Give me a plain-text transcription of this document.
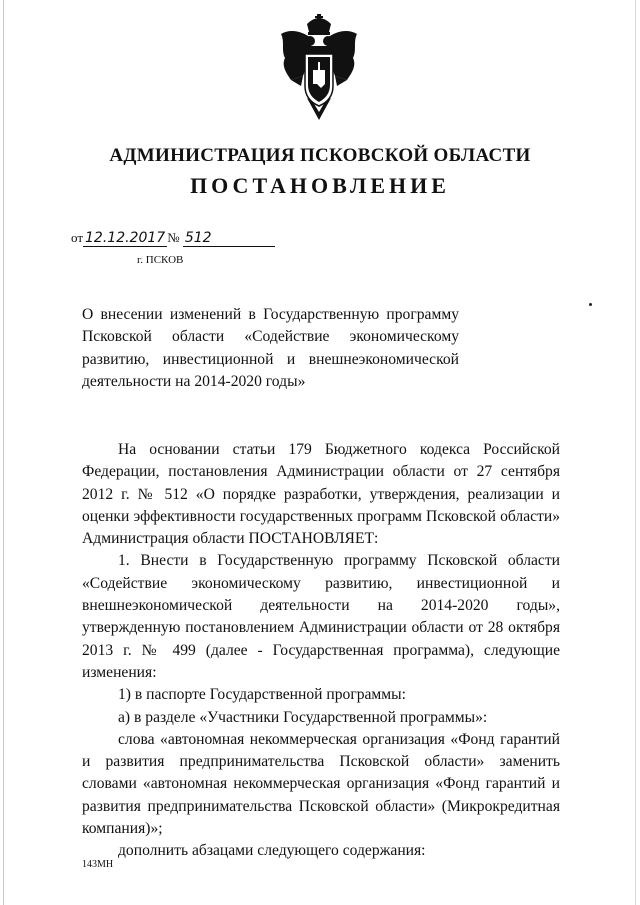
АДМИНИСТРАЦИЯ ПСКОВСКОЙ ОБЛАСТИ
ПОСТАНОВЛЕНИЕ
от 12.12.2017 № 512
г. ПСКОВ
О внесении изменений в Государственную программу
Псковской области «Содействие экономическому
развитию, инвестиционной и внешнеэкономической
деятельности на 2014-2020 годы»

На основании статьи 179 Бюджетного кодекса Российской Федерации, постановления Администрации области от 27 сентября 2012 г. № 512 «О порядке разработки, утверждения, реализации и оценки эффективности государственных программ Псковской области» Администрация области ПОСТАНОВЛЯЕТ:

1. Внести в Государственную программу Псковской области «Содействие экономическому развитию, инвестиционной и внешнеэкономической деятельности на 2014-2020 годы», утвержденную постановлением Администрации области от 28 октября 2013 г. № 499 (далее - Государственная программа), следующие изменения:

1) в паспорте Государственной программы:

а) в разделе «Участники Государственной программы»:

слова «автономная некоммерческая организация «Фонд гарантий и развития предпринимательства Псковской области» заменить словами «автономная некоммерческая организация «Фонд гарантий и развития предпринимательства Псковской области» (Микрокредитная компания)»;

дополнить абзацами следующего содержания:

143МН
